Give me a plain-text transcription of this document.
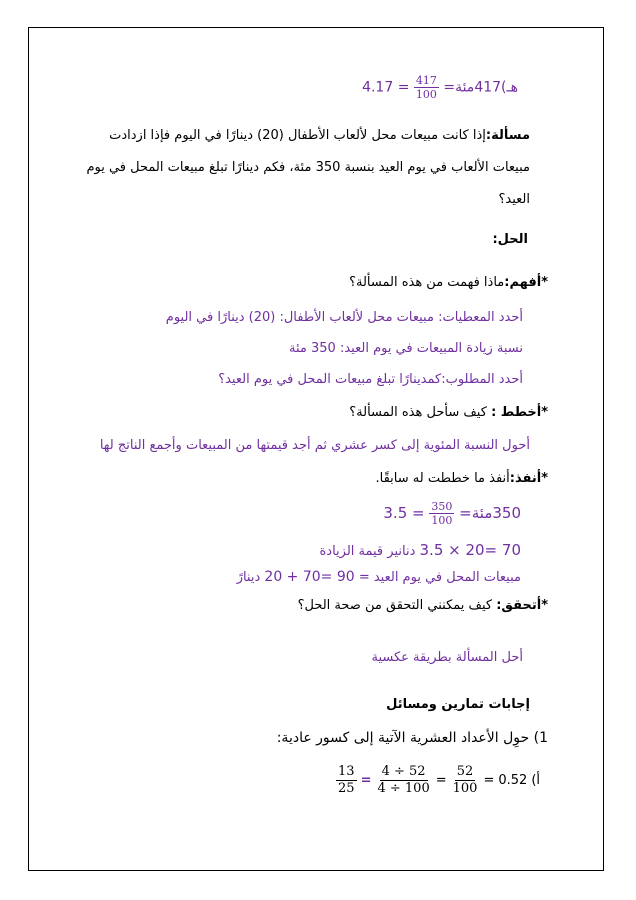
$4.17 = \frac{417}{100}$ =مئة417هـ)
مسألة:إذا كانت مبيعات محل لألعاب الأطفال (20) دينارًا في اليوم فإذا ازدادت
مبيعات الألعاب في يوم العيد بنسبة 350 مئة، فكم دينارًا تبلغ مبيعات المحل في يوم
العيد؟
الحل:
*أفهم:ماذا فهمت من هذه المسألة؟
أحدد المعطيات: مبيعات محل لألعاب الأطفال: (20) دينارًا في اليوم
نسبة زيادة المبيعات في يوم العيد: 350 مئة
أحدد المطلوب:كمدينارًا تبلغ مبيعات المحل في يوم العيد؟
*أخطط : كيف سأحل هذه المسألة؟
أحول النسبة المئوية إلى كسر عشري ثم أجد قيمتها من المبيعات وأجمع الناتج لها
*أنفذ:أنفذ ما خططت له سابقًا.
$3.5 = \frac{350}{100}$ =مئة350
3.5 × 20= 70 دنانير قيمة الزيادة
مبيعات المحل في يوم العيد = 20 + 70= 90 دينارً
*أتحقق: كيف يمكنني التحقق من صحة الحل؟
أحل المسألة بطريقة عكسية
إجابات تمارين ومسائل
1) حوِل الأعداد العشرية الآتية إلى كسور عادية:
$\frac{13}{25} = \frac{4 \div 52}{4 \div 100} = \frac{52}{100} = 0.52$ أ)
